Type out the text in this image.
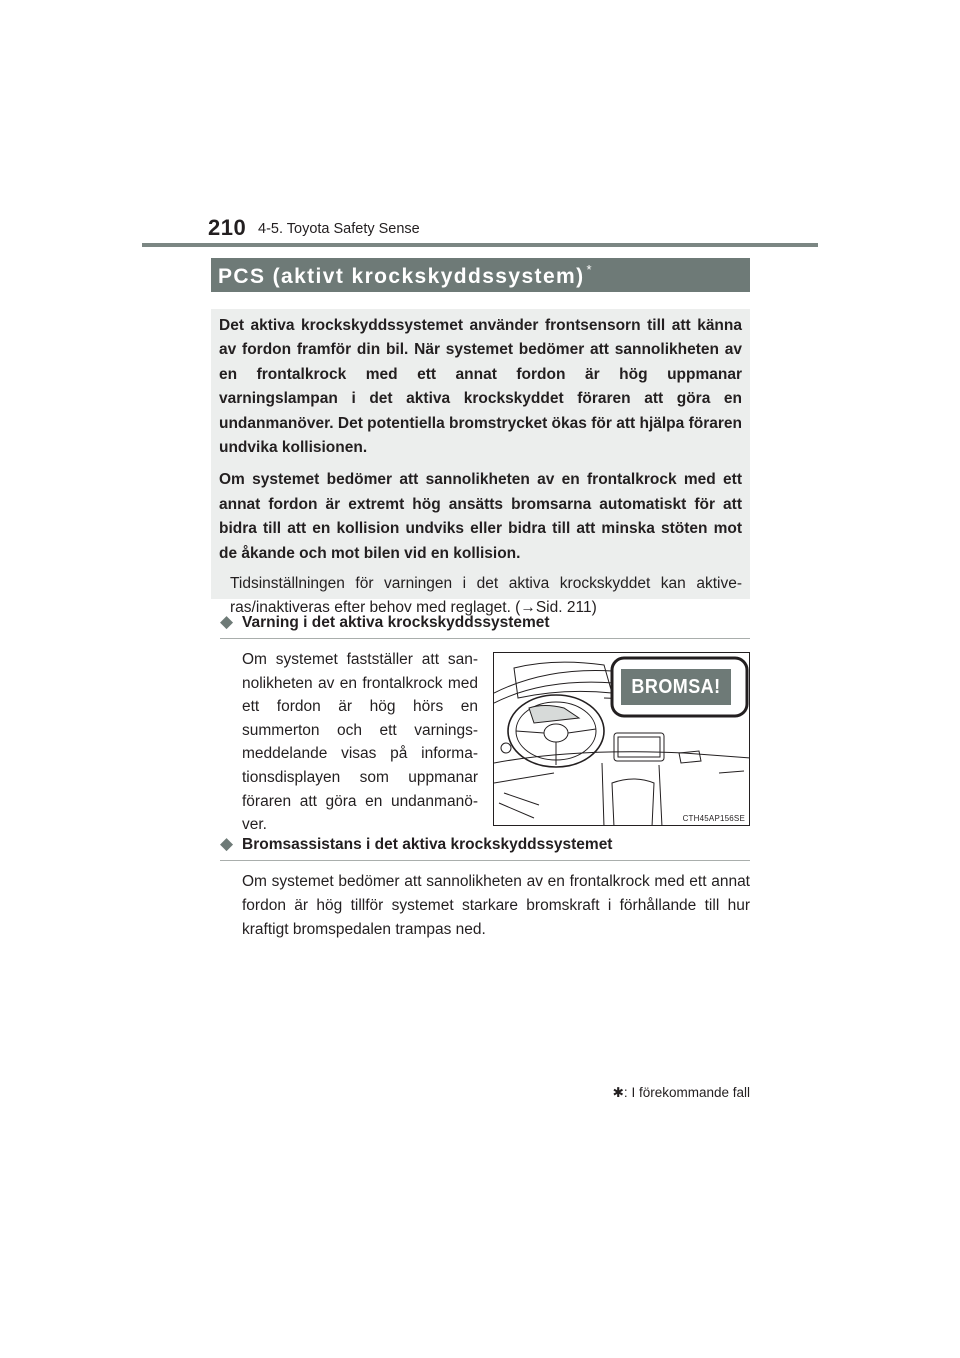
210 4-5. Toyota Safety Sense
PCS (aktivt krockskyddssystem) *

Det aktiva krockskyddssystemet använder frontsensorn till att känna av fordon framför din bil. När systemet bedömer att sannolikheten av en frontalkrock med ett annat fordon är hög uppmanar varningslampan i det aktiva krockskyddet föraren att göra en undanmanöver. Det potentiella bromstrycket ökas för att hjälpa föraren undvika kollisionen.

Om systemet bedömer att sannolikheten av en frontalkrock med ett annat fordon är extremt hög ansätts bromsarna automatiskt för att bidra till att en kollision undviks eller bidra till att minska stöten mot de åkande och mot bilen vid en kollision.

Tidsinställningen för varningen i det aktiva krockskyddet kan aktiveras/inaktiveras efter behov med reglaget. (→Sid. 211)

◆ Varning i det aktiva krockskyddssystemet

Om systemet fastställer att sannolikheten av en frontalkrock med ett fordon är hög hörs en summerton och ett varningsmeddelande visas på informationsdisplayen som uppmanar föraren att göra en undanmanöver.

BROMSA!
CTH45AP156SE
◆ Bromsassistans i det aktiva krockskyddssystemet

Om systemet bedömer att sannolikheten av en frontalkrock med ett annat fordon är hög tillför systemet starkare bromskraft i förhållande till hur kraftigt bromspedalen trampas ned.

✱: I förekommande fall
